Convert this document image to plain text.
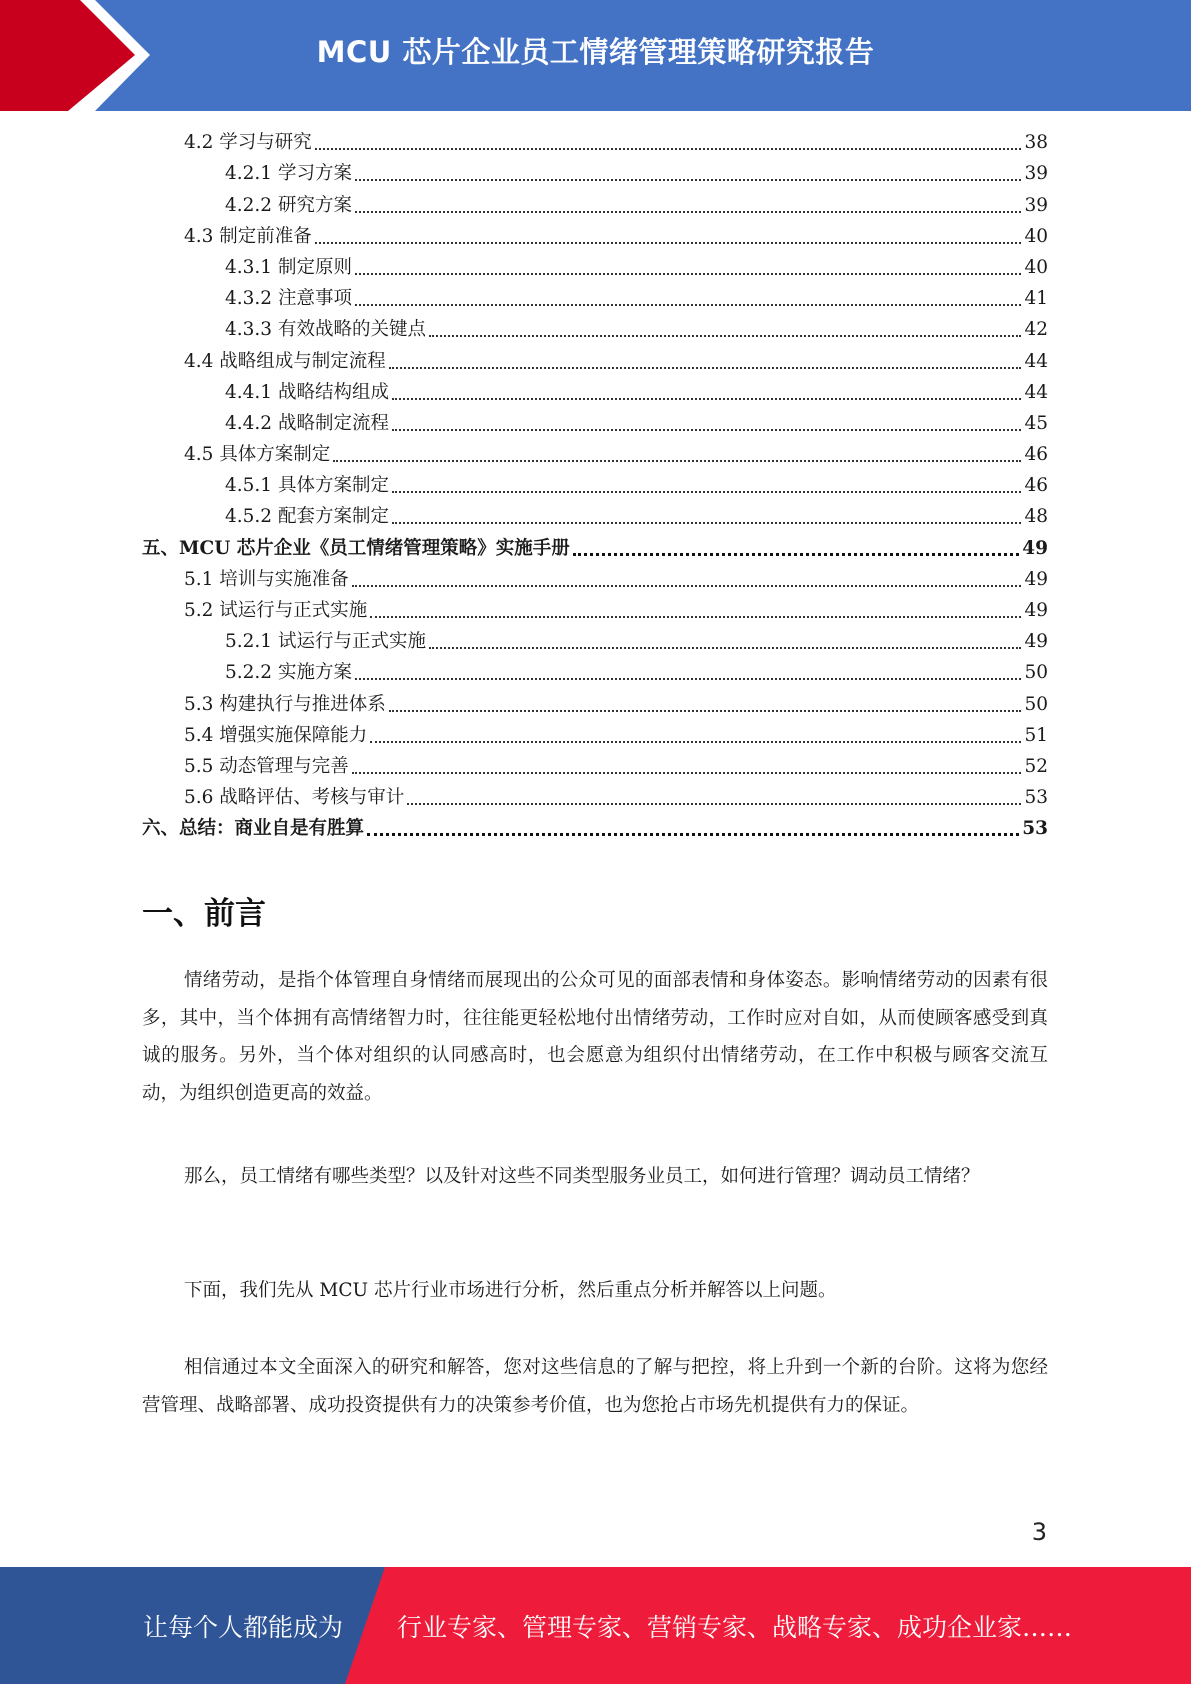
MCU 芯片企业员工情绪管理策略研究报告
4.2 学习与研究	38
4.2.1 学习方案	39
4.2.2 研究方案	39
4.3 制定前准备	40
4.3.1 制定原则	40
4.3.2 注意事项	41
4.3.3 有效战略的关键点	42
4.4 战略组成与制定流程	44
4.4.1 战略结构组成	44
4.4.2 战略制定流程	45
4.5 具体方案制定	46
4.5.1 具体方案制定	46
4.5.2 配套方案制定	48
五、MCU 芯片企业《员工情绪管理策略》实施手册	49
5.1 培训与实施准备	49
5.2 试运行与正式实施	49
5.2.1 试运行与正式实施	49
5.2.2 实施方案	50
5.3 构建执行与推进体系	50
5.4 增强实施保障能力	51
5.5 动态管理与完善	52
5.6 战略评估、考核与审计	53
六、总结：商业自是有胜算	53
一、前言

情绪劳动，是指个体管理自身情绪而展现出的公众可见的面部表情和身体姿态。影响情绪劳动的因素有很多，其中，当个体拥有高情绪智力时，往往能更轻松地付出情绪劳动，工作时应对自如，从而使顾客感受到真诚的服务。另外，当个体对组织的认同感高时，也会愿意为组织付出情绪劳动，在工作中积极与顾客交流互动，为组织创造更高的效益。

那么，员工情绪有哪些类型？以及针对这些不同类型服务业员工，如何进行管理？调动员工情绪？

下面，我们先从 MCU 芯片行业市场进行分析，然后重点分析并解答以上问题。

相信通过本文全面深入的研究和解答，您对这些信息的了解与把控，将上升到一个新的台阶。这将为您经营管理、战略部署、成功投资提供有力的决策参考价值，也为您抢占市场先机提供有力的保证。

3
让每个人都能成为 行业专家、管理专家、营销专家、战略专家、成功企业家……
